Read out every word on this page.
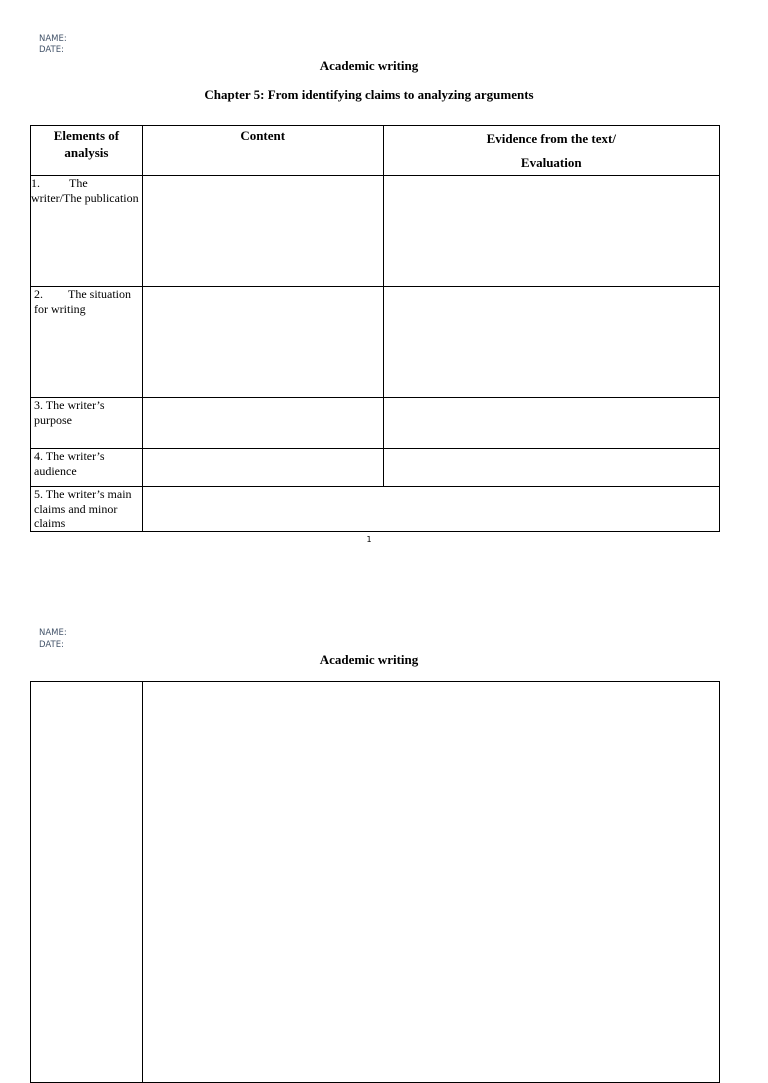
NAME:
DATE:
Academic writing
Chapter 5: From identifying claims to analyzing arguments
Elements of analysis	Content	Evidence from the text/
Evaluation

1. The writer/The publication		

2. The situation for writing		

3. The writer’s purpose		

4. The writer’s audience		

5. The writer’s main claims and minor claims		

1
NAME:
DATE:
Academic writing
